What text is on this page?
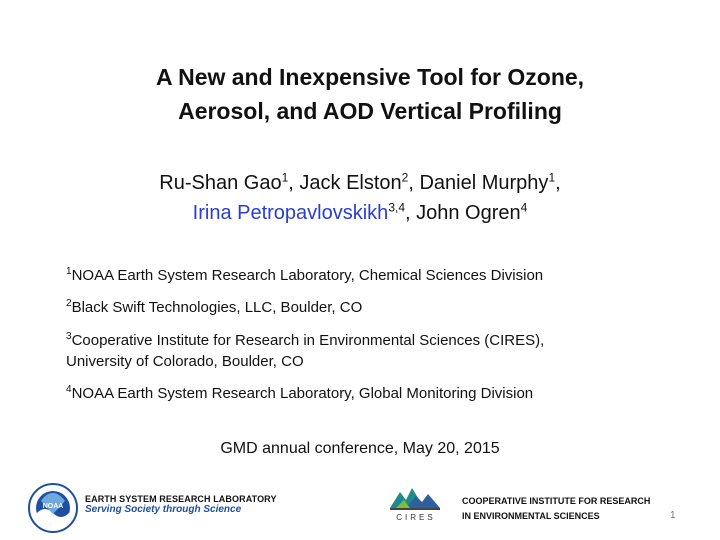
A New and Inexpensive Tool for Ozone,
Aerosol, and AOD Vertical Profiling
Ru-Shan Gao$^1$, Jack Elston$^2$, Daniel Murphy$^1$,
Irina Petropavlovskikh$^{3,4}$, John Ogren$^4$
$^1$NOAA Earth System Research Laboratory, Chemical Sciences Division
$^2$Black Swift Technologies, LLC, Boulder, CO
$^3$Cooperative Institute for Research in Environmental Sciences (CIRES),
University of Colorado, Boulder, CO
$^4$NOAA Earth System Research Laboratory, Global Monitoring Division
GMD annual conference, May 20, 2015
NOAA
EARTH SYSTEM RESEARCH LABORATORY
Serving Society through Science
CIRES
COOPERATIVE INSTITUTE FOR RESEARCH
IN ENVIRONMENTAL SCIENCES	1
